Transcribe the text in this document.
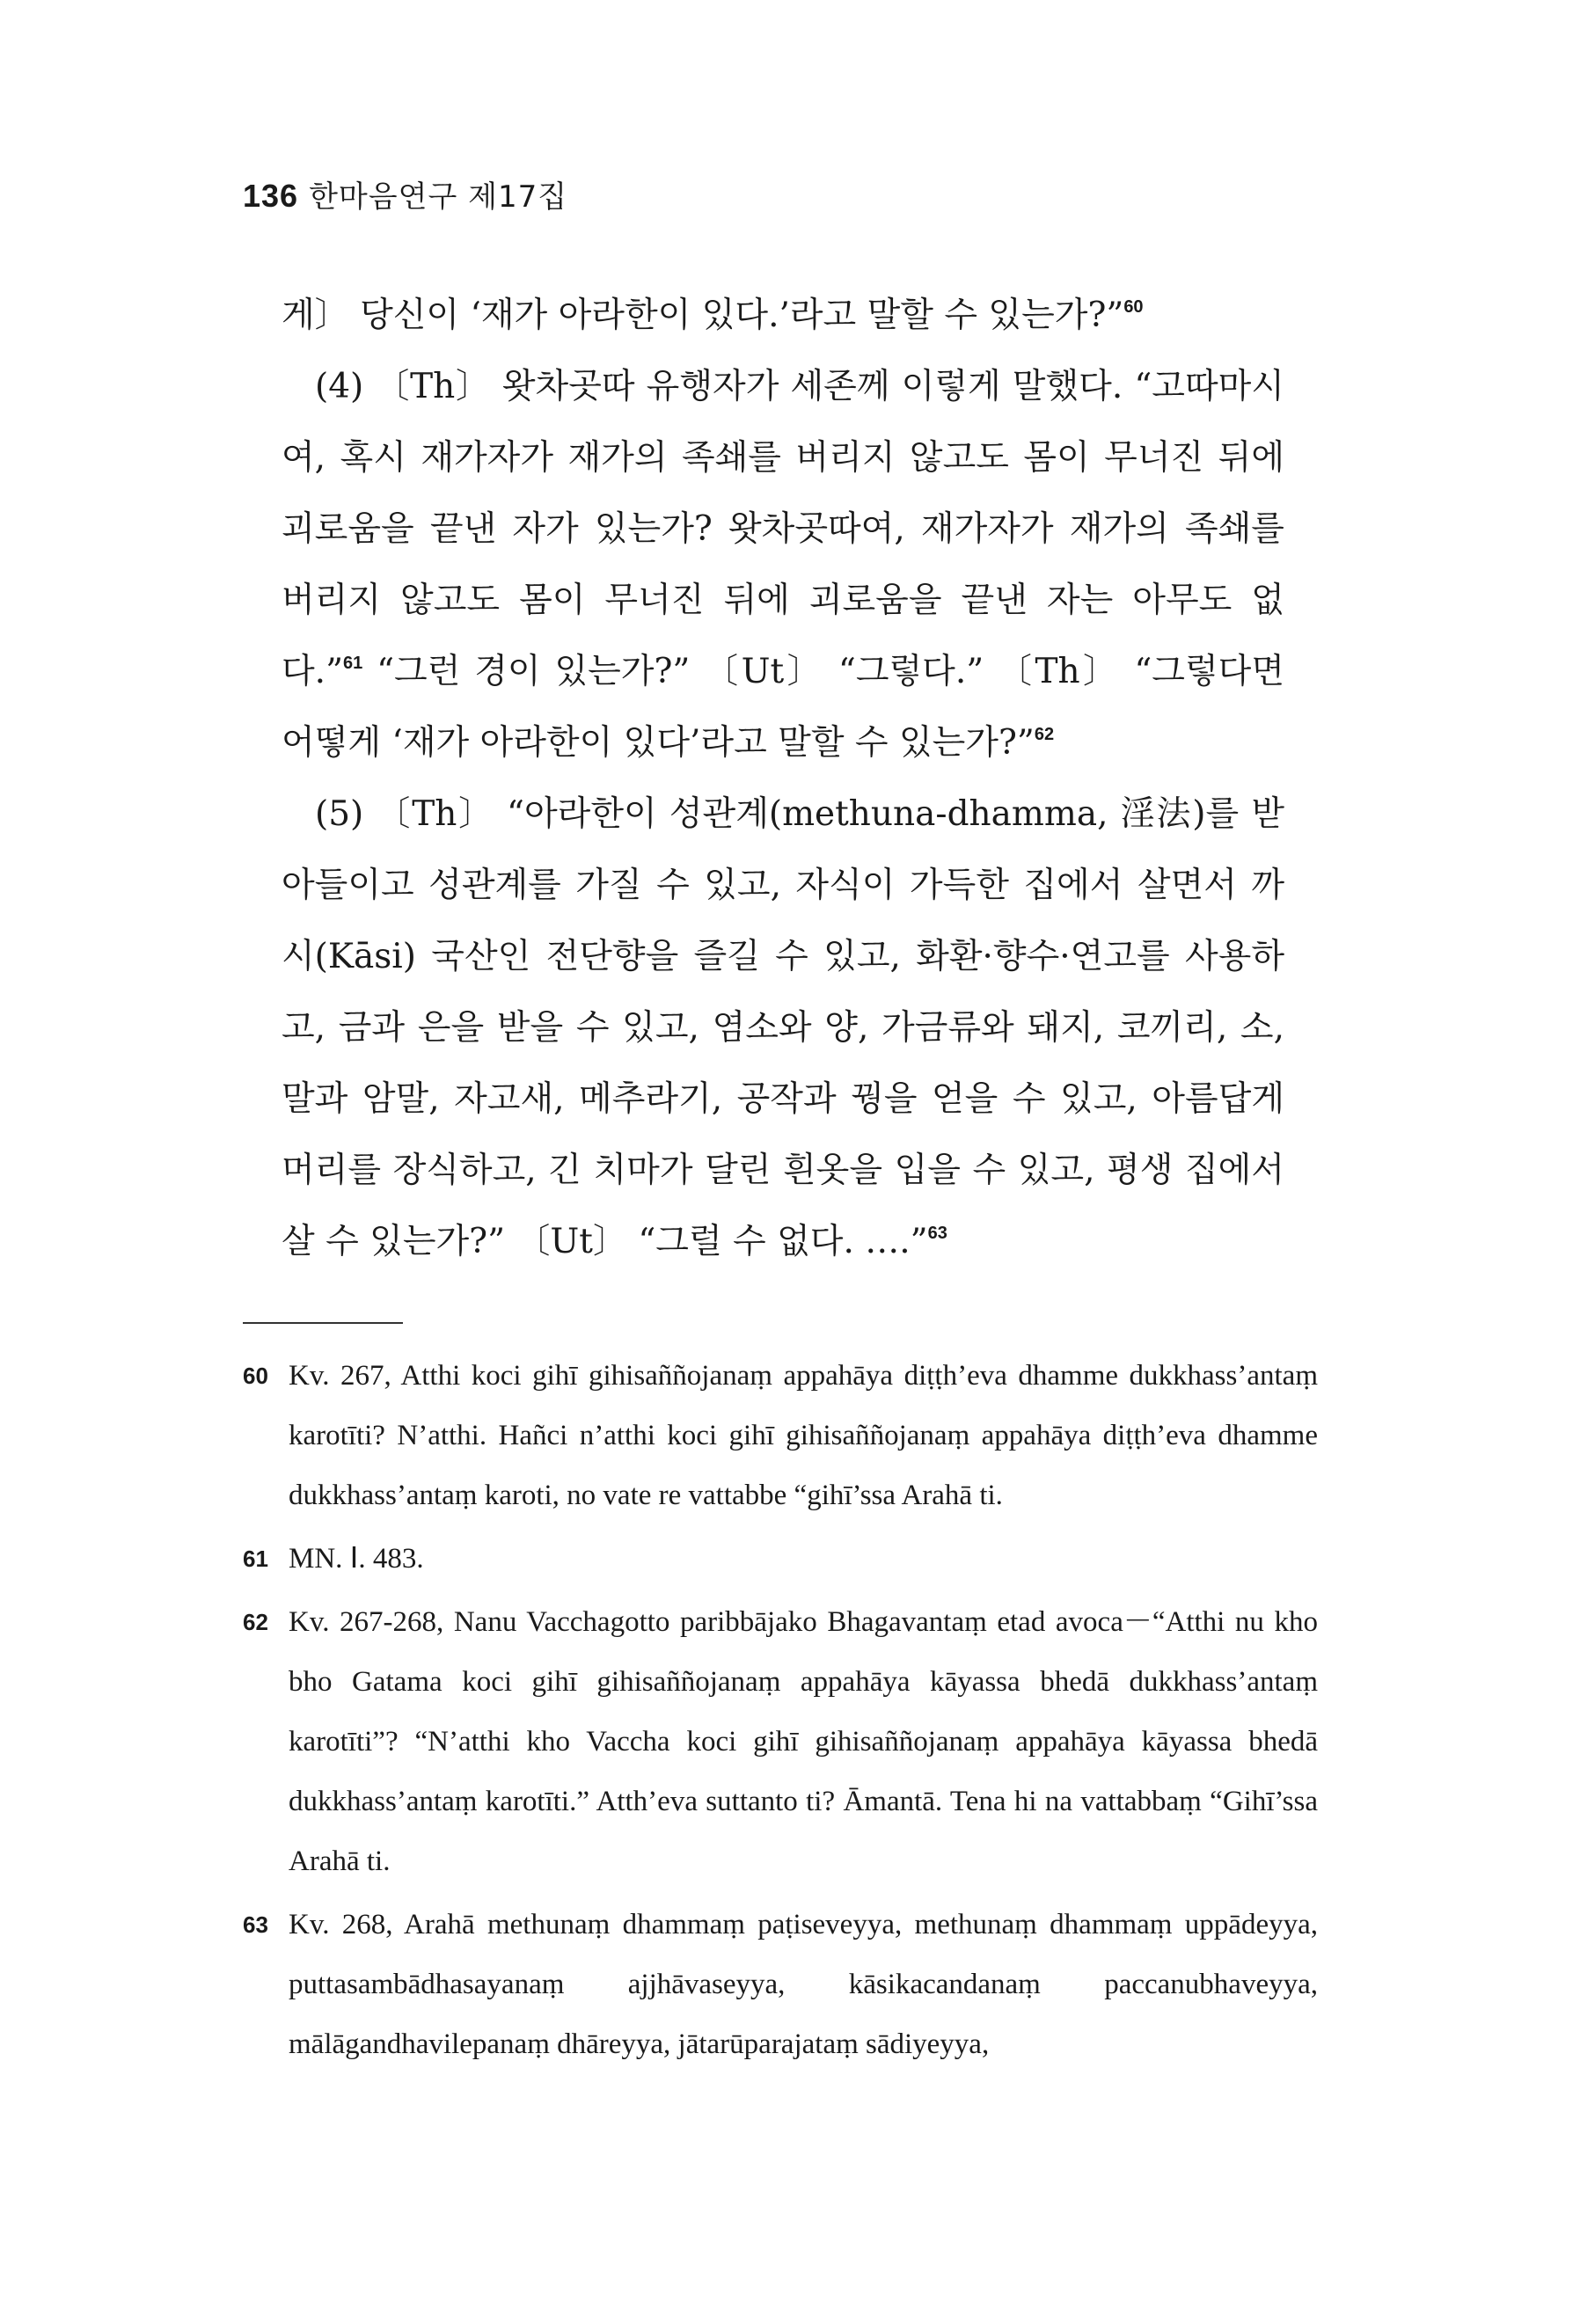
136 한마음연구 제17집

게〕 당신이 ‘재가 아라한이 있다.’라고 말할 수 있는가?”$^{60}$

(4) 〔Th〕 왓차곳따 유행자가 세존께 이렇게 말했다. “고따마시여, 혹시 재가자가 재가의 족쇄를 버리지 않고도 몸이 무너진 뒤에 괴로움을 끝낸 자가 있는가? 왓차곳따여, 재가자가 재가의 족쇄를 버리지 않고도 몸이 무너진 뒤에 괴로움을 끝낸 자는 아무도 없다.”$^{61}$ “그런 경이 있는가?” 〔Ut〕 “그렇다.” 〔Th〕 “그렇다면 어떻게 ‘재가 아라한이 있다’라고 말할 수 있는가?”$^{62}$

(5) 〔Th〕 “아라한이 성관계(methuna-dhamma, 淫法)를 받아들이고 성관계를 가질 수 있고, 자식이 가득한 집에서 살면서 까시(Kāsi) 국산인 전단향을 즐길 수 있고, 화환·향수·연고를 사용하고, 금과 은을 받을 수 있고, 염소와 양, 가금류와 돼지, 코끼리, 소, 말과 암말, 자고새, 메추라기, 공작과 꿩을 얻을 수 있고, 아름답게 머리를 장식하고, 긴 치마가 달린 흰옷을 입을 수 있고, 평생 집에서 살 수 있는가?” 〔Ut〕 “그럴 수 없다. ….”$^{63}$

60 Kv. 267, Atthi koci gihī gihisaññojanaṃ appahāya diṭṭh’eva dhamme dukkhass’antaṃ karotīti? N’atthi. Hañci n’atthi koci gihī gihisaññojanaṃ appahāya diṭṭh’eva dhamme dukkhass’antaṃ karoti, no vate re vattabbe “gihī’ssa Arahā ti.
61 MN. Ⅰ. 483.
62 Kv. 267-268, Nanu Vacchagotto paribbājako Bhagavantaṃ etad avoca－“Atthi nu kho bho Gatama koci gihī gihisaññojanaṃ appahāya kāyassa bhedā dukkhass’antaṃ karotīti”? “N’atthi kho Vaccha koci gihī gihisaññojanaṃ appahāya kāyassa bhedā dukkhass’antaṃ karotīti.” Atth’eva suttanto ti? Āmantā. Tena hi na vattabbaṃ “Gihī’ssa Arahā ti.
63 Kv. 268, Arahā methunaṃ dhammaṃ paṭiseveyya, methunaṃ dhammaṃ uppādeyya, puttasambādhasayanaṃ ajjhāvaseyya, kāsikacandanaṃ paccanubhaveyya, mālāgandhavilepanaṃ dhāreyya, jātarūparajataṃ sādiyeyya,
